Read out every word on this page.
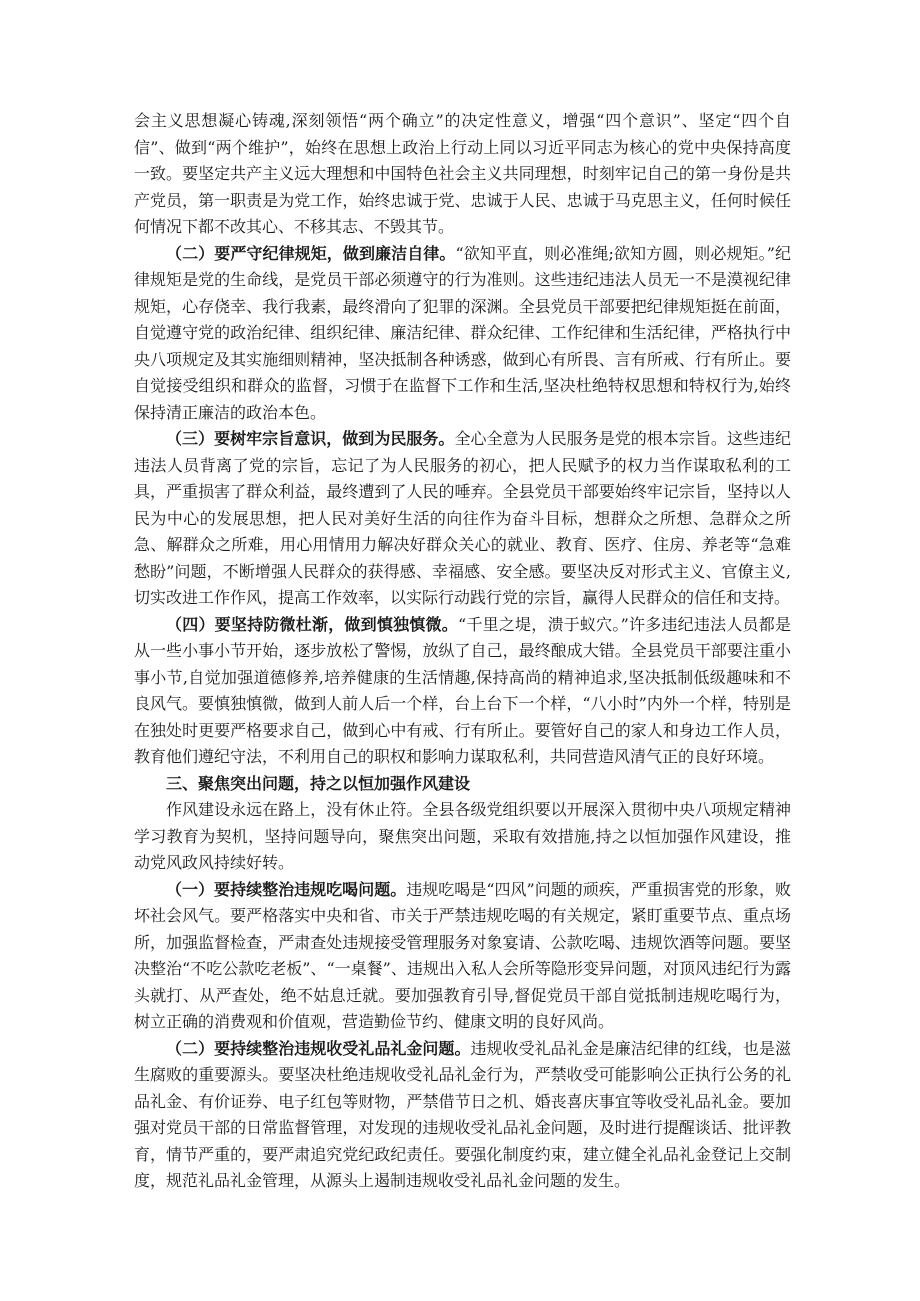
会主义思想凝心铸魂,深刻领悟“两个确立”的决定性意义，增强“四个意识”、坚定“四个自信”、做到“两个维护”，始终在思想上政治上行动上同以习近平同志为核心的党中央保持高度一致。要坚定共产主义远大理想和中国特色社会主义共同理想，时刻牢记自己的第一身份是共产党员，第一职责是为党工作，始终忠诚于党、忠诚于人民、忠诚于马克思主义，任何时候任何情况下都不改其心、不移其志、不毁其节。

（二）要严守纪律规矩，做到廉洁自律。“欲知平直，则必准绳;欲知方圆，则必规矩。”纪律规矩是党的生命线，是党员干部必须遵守的行为准则。这些违纪违法人员无一不是漠视纪律规矩，心存侥幸、我行我素，最终滑向了犯罪的深渊。全县党员干部要把纪律规矩挺在前面，自觉遵守党的政治纪律、组织纪律、廉洁纪律、群众纪律、工作纪律和生活纪律，严格执行中央八项规定及其实施细则精神，坚决抵制各种诱惑，做到心有所畏、言有所戒、行有所止。要自觉接受组织和群众的监督，习惯于在监督下工作和生活,坚决杜绝特权思想和特权行为,始终保持清正廉洁的政治本色。

（三）要树牢宗旨意识，做到为民服务。全心全意为人民服务是党的根本宗旨。这些违纪违法人员背离了党的宗旨，忘记了为人民服务的初心，把人民赋予的权力当作谋取私利的工具，严重损害了群众利益，最终遭到了人民的唾弃。全县党员干部要始终牢记宗旨，坚持以人民为中心的发展思想，把人民对美好生活的向往作为奋斗目标，想群众之所想、急群众之所急、解群众之所难，用心用情用力解决好群众关心的就业、教育、医疗、住房、养老等“急难愁盼”问题，不断增强人民群众的获得感、幸福感、安全感。要坚决反对形式主义、官僚主义,切实改进工作作风，提高工作效率，以实际行动践行党的宗旨，赢得人民群众的信任和支持。

（四）要坚持防微杜渐，做到慎独慎微。“千里之堤，溃于蚁穴。”许多违纪违法人员都是从一些小事小节开始，逐步放松了警惕，放纵了自己，最终酿成大错。全县党员干部要注重小事小节,自觉加强道德修养,培养健康的生活情趣,保持高尚的精神追求,坚决抵制低级趣味和不良风气。要慎独慎微，做到人前人后一个样，台上台下一个样，“八小时”内外一个样，特别是在独处时更要严格要求自己，做到心中有戒、行有所止。要管好自己的家人和身边工作人员，教育他们遵纪守法，不利用自己的职权和影响力谋取私利，共同营造风清气正的良好环境。

三、聚焦突出问题，持之以恒加强作风建设

作风建设永远在路上，没有休止符。全县各级党组织要以开展深入贯彻中央八项规定精神学习教育为契机，坚持问题导向，聚焦突出问题，采取有效措施,持之以恒加强作风建设，推动党风政风持续好转。

（一）要持续整治违规吃喝问题。违规吃喝是“四风”问题的顽疾，严重损害党的形象，败坏社会风气。要严格落实中央和省、市关于严禁违规吃喝的有关规定，紧盯重要节点、重点场所，加强监督检查，严肃查处违规接受管理服务对象宴请、公款吃喝、违规饮酒等问题。要坚决整治“不吃公款吃老板”、“一桌餐”、违规出入私人会所等隐形变异问题，对顶风违纪行为露头就打、从严查处，绝不姑息迁就。要加强教育引导,督促党员干部自觉抵制违规吃喝行为，树立正确的消费观和价值观，营造勤俭节约、健康文明的良好风尚。

（二）要持续整治违规收受礼品礼金问题。违规收受礼品礼金是廉洁纪律的红线，也是滋生腐败的重要源头。要坚决杜绝违规收受礼品礼金行为，严禁收受可能影响公正执行公务的礼品礼金、有价证券、电子红包等财物，严禁借节日之机、婚丧喜庆事宜等收受礼品礼金。要加强对党员干部的日常监督管理，对发现的违规收受礼品礼金问题，及时进行提醒谈话、批评教育，情节严重的，要严肃追究党纪政纪责任。要强化制度约束，建立健全礼品礼金登记上交制度，规范礼品礼金管理，从源头上遏制违规收受礼品礼金问题的发生。
